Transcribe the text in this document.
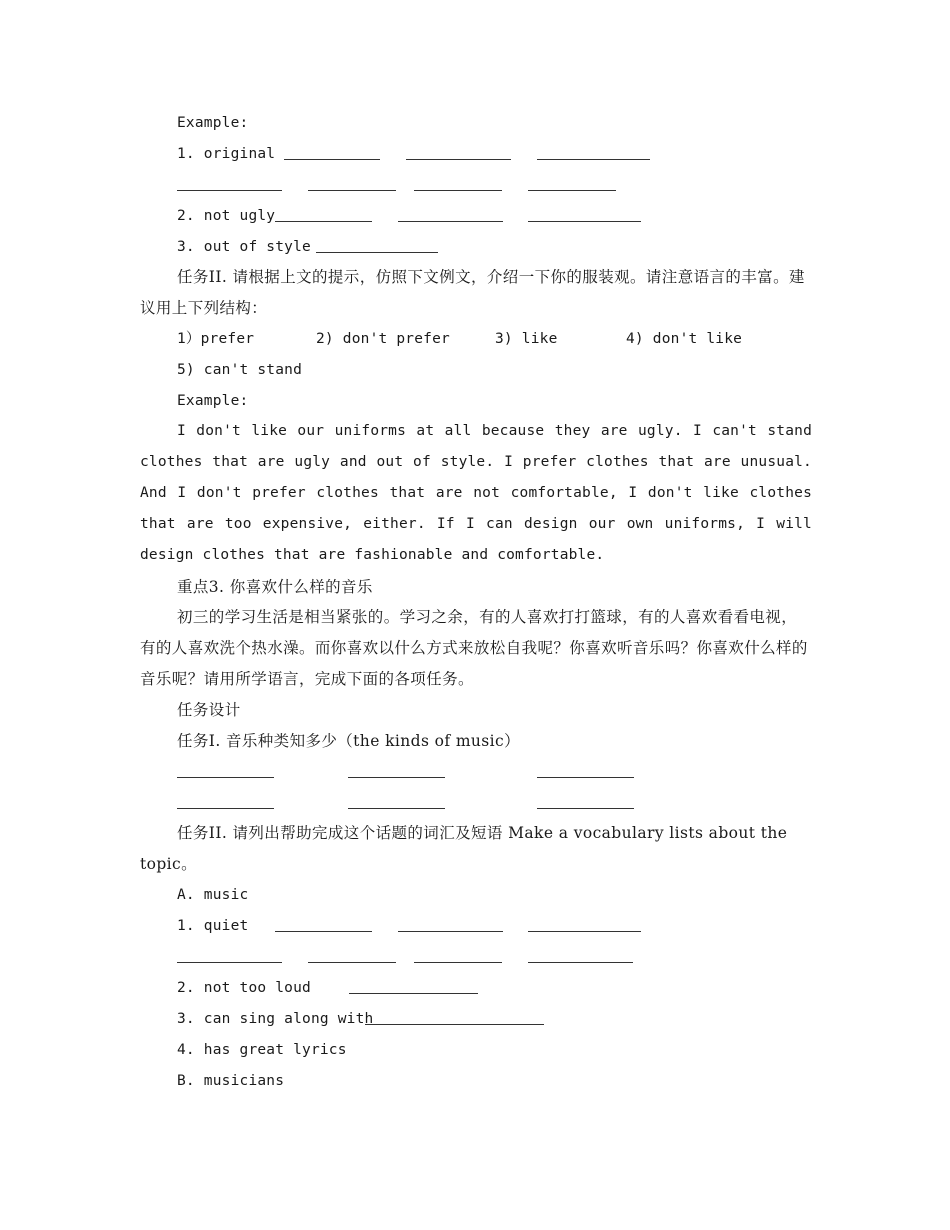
Example:
1. original
2. not ugly
3. out of style
任务II. 请根据上文的提示，仿照下文例文，介绍一下你的服装观。请注意语言的丰富。建议用上下列结构：
1）prefer	2) don't prefer	3) like	4) don't like
5) can't stand
Example:
I don't like our uniforms at all because they are ugly. I can't stand clothes that are ugly and out of style. I prefer clothes that are unusual. And I don't prefer clothes that are not comfortable, I don't like clothes that are too expensive, either. If I can design our own uniforms, I will design clothes that are fashionable and comfortable.
重点3. 你喜欢什么样的音乐
初三的学习生活是相当紧张的。学习之余，有的人喜欢打打篮球，有的人喜欢看看电视，有的人喜欢洗个热水澡。而你喜欢以什么方式来放松自我呢？你喜欢听音乐吗？你喜欢什么样的音乐呢？请用所学语言，完成下面的各项任务。
任务设计
任务I. 音乐种类知多少（the kinds of music）
任务II. 请列出帮助完成这个话题的词汇及短语 Make a vocabulary lists about the topic。
A. music
1. quiet
2. not too loud
3. can sing along with
4. has great lyrics
B. musicians
